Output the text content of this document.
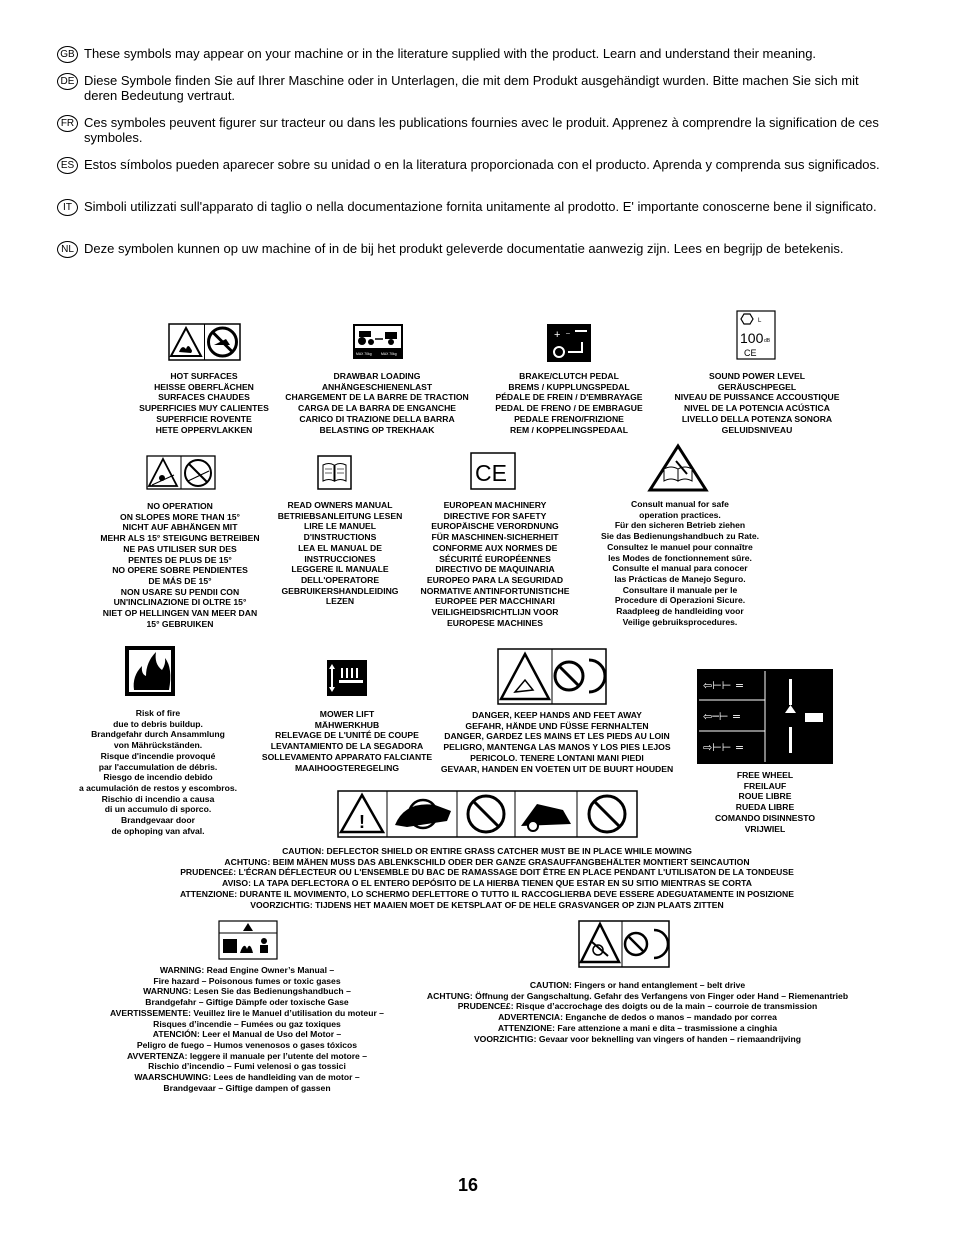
GB These symbols may appear on your machine or in the literature supplied with the product. Learn and understand their meaning.
DE Diese Symbole finden Sie auf Ihrer Maschine oder in Unterlagen, die mit dem Produkt ausgehändigt wurden. Bitte machen Sie sich mit deren Bedeutung vertraut.
FR Ces symboles peuvent figurer sur tracteur ou dans les publications fournies avec le produit. Apprenez à comprendre la signification de ces symboles.
ES Estos símbolos pueden aparecer sobre su unidad o en la literatura proporcionada con el producto. Aprenda y comprenda sus significados.
IT Simboli utilizzati sull'apparato di taglio o nella documentazione fornita unitamente al prodotto. E' importante conoscerne bene il significato.
NL Deze symbolen kunnen op uw machine of in de bij het produkt geleverde documentatie aanwezig zijn. Lees en begrijp de betekenis.
MAX 70kg	MAX 70kg
+ –
L
100 dB
CE
HOT SURFACES
HEISSE OBERFLÄCHEN
SURFACES CHAUDES
SUPERFICIES MUY CALIENTES
SUPERFICIE ROVENTE
HETE OPPERVLAKKEN
DRAWBAR LOADING
ANHÄNGESCHIENENLAST
CHARGEMENT DE LA BARRE DE TRACTION
CARGA DE LA BARRA DE ENGANCHE
CARICO DI TRAZIONE DELLA BARRA
BELASTING OP TREKHAAK
BRAKE/CLUTCH PEDAL
BREMS / KUPPLUNGSPEDAL
PÉDALE DE FREIN / D'EMBRAYAGE
PEDAL DE FRENO / DE EMBRAGUE
PEDALE FRENO/FRIZIONE
REM / KOPPELINGSPEDAAL
SOUND POWER LEVEL
GERÄUSCHPEGEL
NIVEAU DE PUISSANCE ACCOUSTIQUE
NIVEL DE LA POTENCIA ACÚSTICA
LIVELLO DELLA POTENZA SONORA
GELUIDSNIVEAU
CE
NO OPERATION
ON SLOPES MORE THAN 15°
NICHT AUF ABHÄNGEN MIT
MEHR ALS 15° STEIGUNG BETREIBEN
NE PAS UTILISER SUR DES
PENTES DE PLUS DE 15°
NO OPERE SOBRE PENDIENTES
DE MÁS DE 15°
NON USARE SU PENDII CON
UN'INCLINAZIONE DI OLTRE 15°
NIET OP HELLINGEN VAN MEER DAN
15° GEBRUIKEN
READ OWNERS MANUAL
BETRIEBSANLEITUNG LESEN
LIRE LE MANUEL
D'INSTRUCTIONS
LEA EL MANUAL DE
INSTRUCCIONES
LEGGERE IL MANUALE
DELL'OPERATORE
GEBRUIKERSHANDLEIDING
LEZEN
EUROPEAN MACHINERY
DIRECTIVE FOR SAFETY
EUROPÄISCHE VERORDNUNG
FÜR MASCHINEN-SICHERHEIT
CONFORME AUX NORMES DE
SÉCURITÉ EUROPÉENNES
DIRECTIVO DE MAQUINARIA
EUROPEO PARA LA SEGURIDAD
NORMATIVE ANTINFORTUNISTICHE
EUROPEE PER MACCHINARI
VEILIGHEIDSRICHTLIJN VOOR
EUROPESE MACHINES
Consult manual for safe
operation practices.
Für den sicheren Betrieb ziehen
Sie das Bedienungshandbuch zu Rate.
Consultez le manuel pour connaître
les Modes de fonctionnement sûre.
Consulte el manual para conocer
las Prácticas de Manejo Seguro.
Consultare il manuale per le
Procedure di Operazioni Sicure.
Raadpleeg de handleiding voor
Veilige gebruiksprocedures.
⇦⊢⊢ =
⇦─⊢ =
⇨⊢⊢ =
Risk of fire
due to debris buildup.
Brandgefahr durch Ansammlung
von Mährückständen.
Risque d'incendie provoqué
par l'accumulation de débris.
Riesgo de incendio debido
a acumulación de restos y escombros.
Rischio di incendio a causa
di un accumulo di sporco.
Brandgevaar door
de ophoping van afval.
MOWER LIFT
MÄHWERKHUB
RELEVAGE DE L'UNITÉ DE COUPE
LEVANTAMIENTO DE LA SEGADORA
SOLLEVAMENTO APPARATO FALCIANTE
MAAIHOOGTEREGELING
DANGER, KEEP HANDS AND FEET AWAY
GEFAHR, HÄNDE UND FÜSSE FERNHALTEN
DANGER, GARDEZ LES MAINS ET LES PIEDS AU LOIN
PELIGRO, MANTENGA LAS MANOS Y LOS PIES LEJOS
PERICOLO. TENERE LONTANI MANI PIEDI
GEVAAR, HANDEN EN VOETEN UIT DE BUURT HOUDEN
FREE WHEEL
FREILAUF
ROUE LIBRE
RUEDA LIBRE
COMANDO DISINNESTO
VRIJWIEL
!
CAUTION: DEFLECTOR SHIELD OR ENTIRE GRASS CATCHER MUST BE IN PLACE WHILE MOWING
ACHTUNG: BEIM MÄHEN MUSS DAS ABLENKSCHILD ODER DER GANZE GRASAUFFANGBEHÄLTER MONTIERT SEINCAUTION
PRUDENCE£: L'ÉCRAN DÉFLECTEUR OU L'ENSEMBLE DU BAC DE RAMASSAGE DOIT ÊTRE EN PLACE PENDANT L'UTILISATON DE LA TONDEUSE
AVISO: LA TAPA DEFLECTORA O EL ENTERO DEPÓSITO DE LA HIERBA TIENEN QUE ESTAR EN SU SITIO MIENTRAS SE CORTA
ATTENZIONE: DURANTE IL MOVIMENTO, LO SCHERMO DEFLETTORE O TUTTO IL RACCOGLIERBA DEVE ESSERE ADEGUATAMENTE IN POSIZIONE
VOORZICHTIG: TIJDENS HET MAAIEN MOET DE KETSPLAAT OF DE HELE GRASVANGER OP ZIJN PLAATS ZITTEN
WARNING: Read Engine Owner’s Manual –
Fire hazard – Poisonous fumes or toxic gases
WARNUNG: Lesen Sie das Bedienungshandbuch –
Brandgefahr – Giftige Dämpfe oder toxische Gase
AVERTISSEMENTE: Veuillez lire le Manuel d’utilisation du moteur –
Risques d’incendie – Fumées ou gaz toxiques
ATENCIÓN: Leer el Manual de Uso del Motor –
Peligro de fuego – Humos venenosos o gases tóxicos
AVVERTENZA: leggere il manuale per l’utente del motore –
Rischio d’incendio – Fumi velenosi o gas tossici
WAARSCHUWING: Lees de handleiding van de motor –
Brandgevaar – Giftige dampen of gassen
CAUTION: Fingers or hand entanglement – belt drive
ACHTUNG: Öffnung der Gangschaltung. Gefahr des Verfangens von Finger oder Hand – Riemenantrieb
PRUDENCE£: Risque d’accrochage des doigts ou de la main – courroie de transmission
ADVERTENCIA: Enganche de dedos o manos – mandado por correa
ATTENZIONE: Fare attenzione a mani e dita – trasmissione a cinghia
VOORZICHTIG: Gevaar voor beknelling van vingers of handen – riemaandrijving
16
